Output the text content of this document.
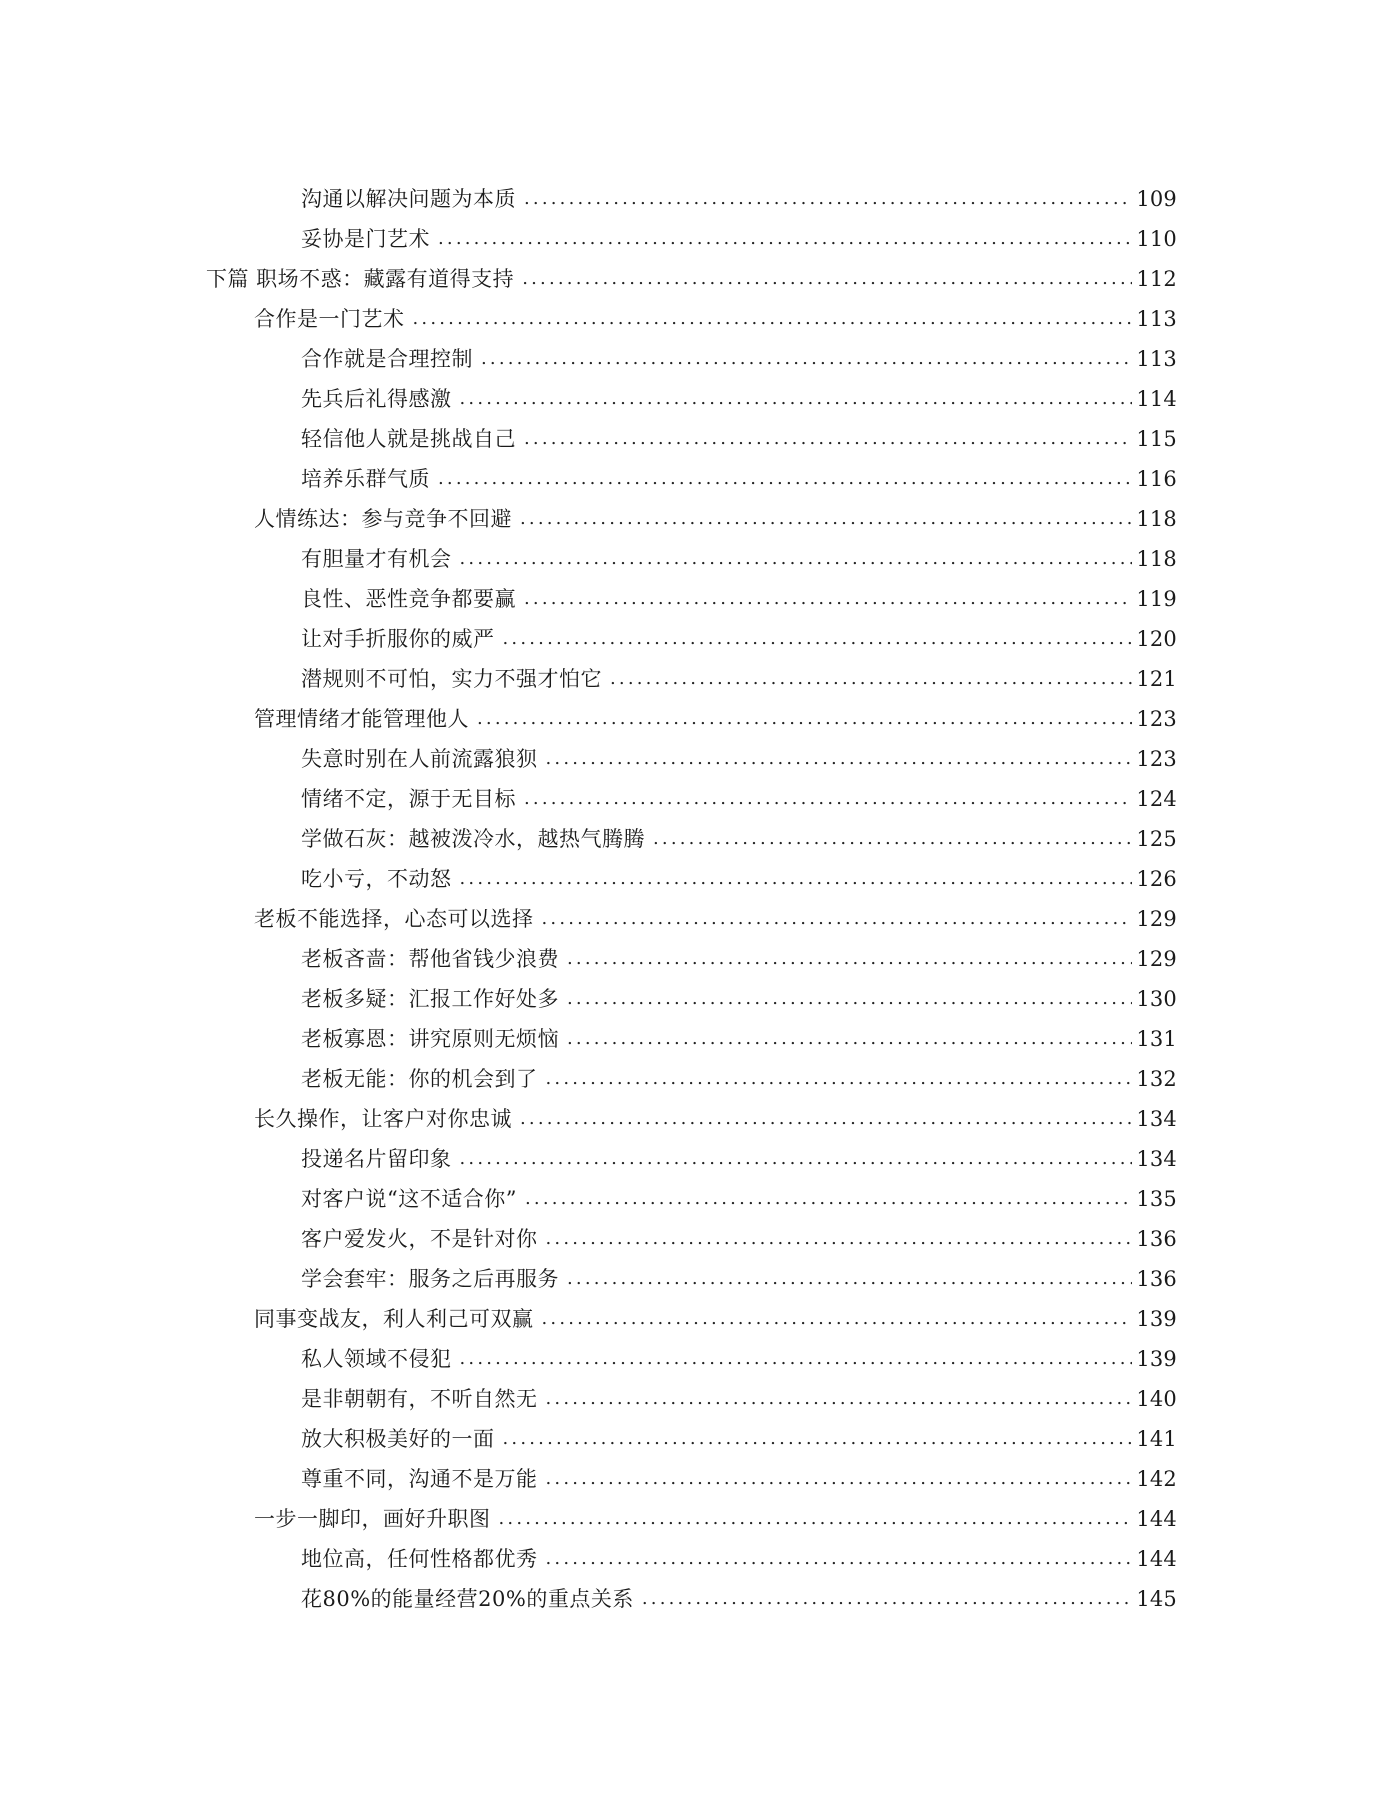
沟通以解决问题为本质 .....	109
妥协是门艺术 .....	110
下篇 职场不惑：藏露有道得支持 .....	112
合作是一门艺术 .....	113
合作就是合理控制 .....	113
先兵后礼得感激 .....	114
轻信他人就是挑战自己 .....	115
培养乐群气质 .....	116
人情练达：参与竞争不回避 .....	118
有胆量才有机会 .....	118
良性、恶性竞争都要赢 .....	119
让对手折服你的威严 .....	120
潜规则不可怕，实力不强才怕它 .....	121
管理情绪才能管理他人 .....	123
失意时别在人前流露狼狈 .....	123
情绪不定，源于无目标 .....	124
学做石灰：越被泼冷水，越热气腾腾 .....	125
吃小亏，不动怒 .....	126
老板不能选择，心态可以选择 .....	129
老板吝啬：帮他省钱少浪费 .....	129
老板多疑：汇报工作好处多 .....	130
老板寡恩：讲究原则无烦恼 .....	131
老板无能：你的机会到了 .....	132
长久操作，让客户对你忠诚 .....	134
投递名片留印象 .....	134
对客户说“这不适合你” .....	135
客户爱发火，不是针对你 .....	136
学会套牢：服务之后再服务 .....	136
同事变战友，利人利己可双赢 .....	139
私人领域不侵犯 .....	139
是非朝朝有，不听自然无 .....	140
放大积极美好的一面 .....	141
尊重不同，沟通不是万能 .....	142
一步一脚印，画好升职图 .....	144
地位高，任何性格都优秀 .....	144
花80%的能量经营20%的重点关系 .....	145
